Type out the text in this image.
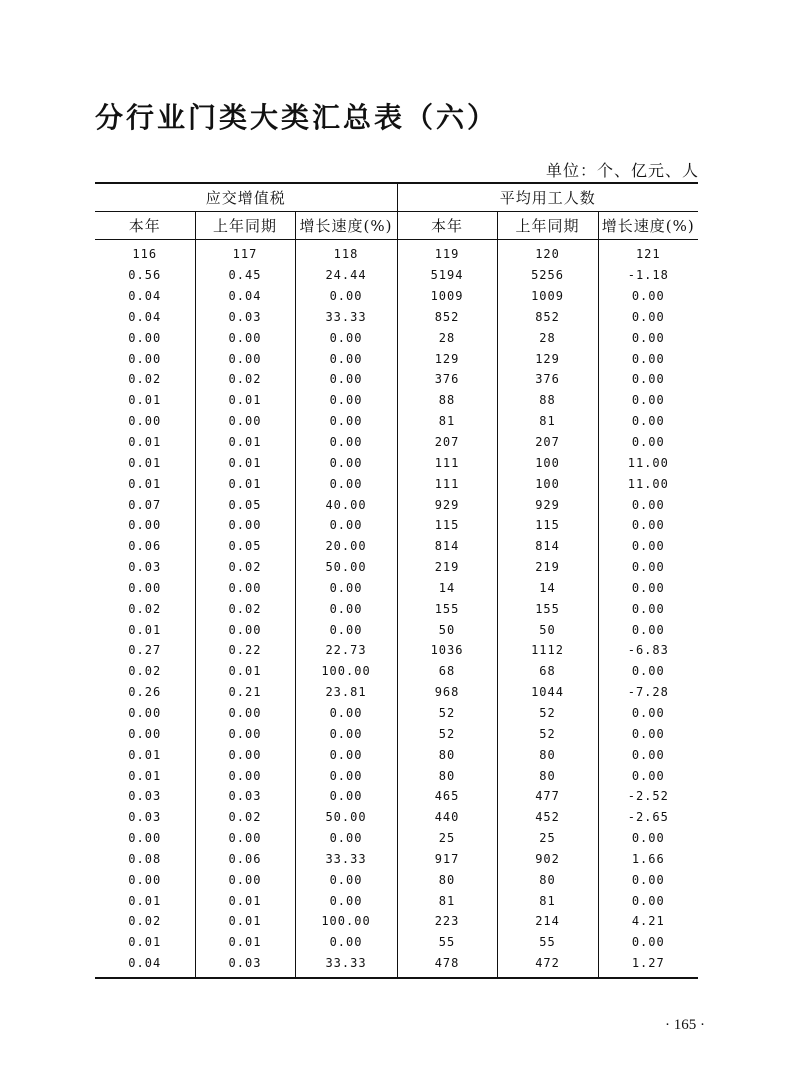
分行业门类大类汇总表（六）
单位：个、亿元、人
应交增值税			平均用工人数		
本年	上年同期	增长速度(%)	本年	上年同期	增长速度(%)
116	117	118	119	120	121
0.56	0.45	24.44	5194	5256	-1.18
0.04	0.04	0.00	1009	1009	0.00
0.04	0.03	33.33	852	852	0.00
0.00	0.00	0.00	28	28	0.00
0.00	0.00	0.00	129	129	0.00
0.02	0.02	0.00	376	376	0.00
0.01	0.01	0.00	88	88	0.00
0.00	0.00	0.00	81	81	0.00
0.01	0.01	0.00	207	207	0.00
0.01	0.01	0.00	111	100	11.00
0.01	0.01	0.00	111	100	11.00
0.07	0.05	40.00	929	929	0.00
0.00	0.00	0.00	115	115	0.00
0.06	0.05	20.00	814	814	0.00
0.03	0.02	50.00	219	219	0.00
0.00	0.00	0.00	14	14	0.00
0.02	0.02	0.00	155	155	0.00
0.01	0.00	0.00	50	50	0.00
0.27	0.22	22.73	1036	1112	-6.83
0.02	0.01	100.00	68	68	0.00
0.26	0.21	23.81	968	1044	-7.28
0.00	0.00	0.00	52	52	0.00
0.00	0.00	0.00	52	52	0.00
0.01	0.00	0.00	80	80	0.00
0.01	0.00	0.00	80	80	0.00
0.03	0.03	0.00	465	477	-2.52
0.03	0.02	50.00	440	452	-2.65
0.00	0.00	0.00	25	25	0.00
0.08	0.06	33.33	917	902	1.66
0.00	0.00	0.00	80	80	0.00
0.01	0.01	0.00	81	81	0.00
0.02	0.01	100.00	223	214	4.21
0.01	0.01	0.00	55	55	0.00
0.04	0.03	33.33	478	472	1.27
· 165 ·
